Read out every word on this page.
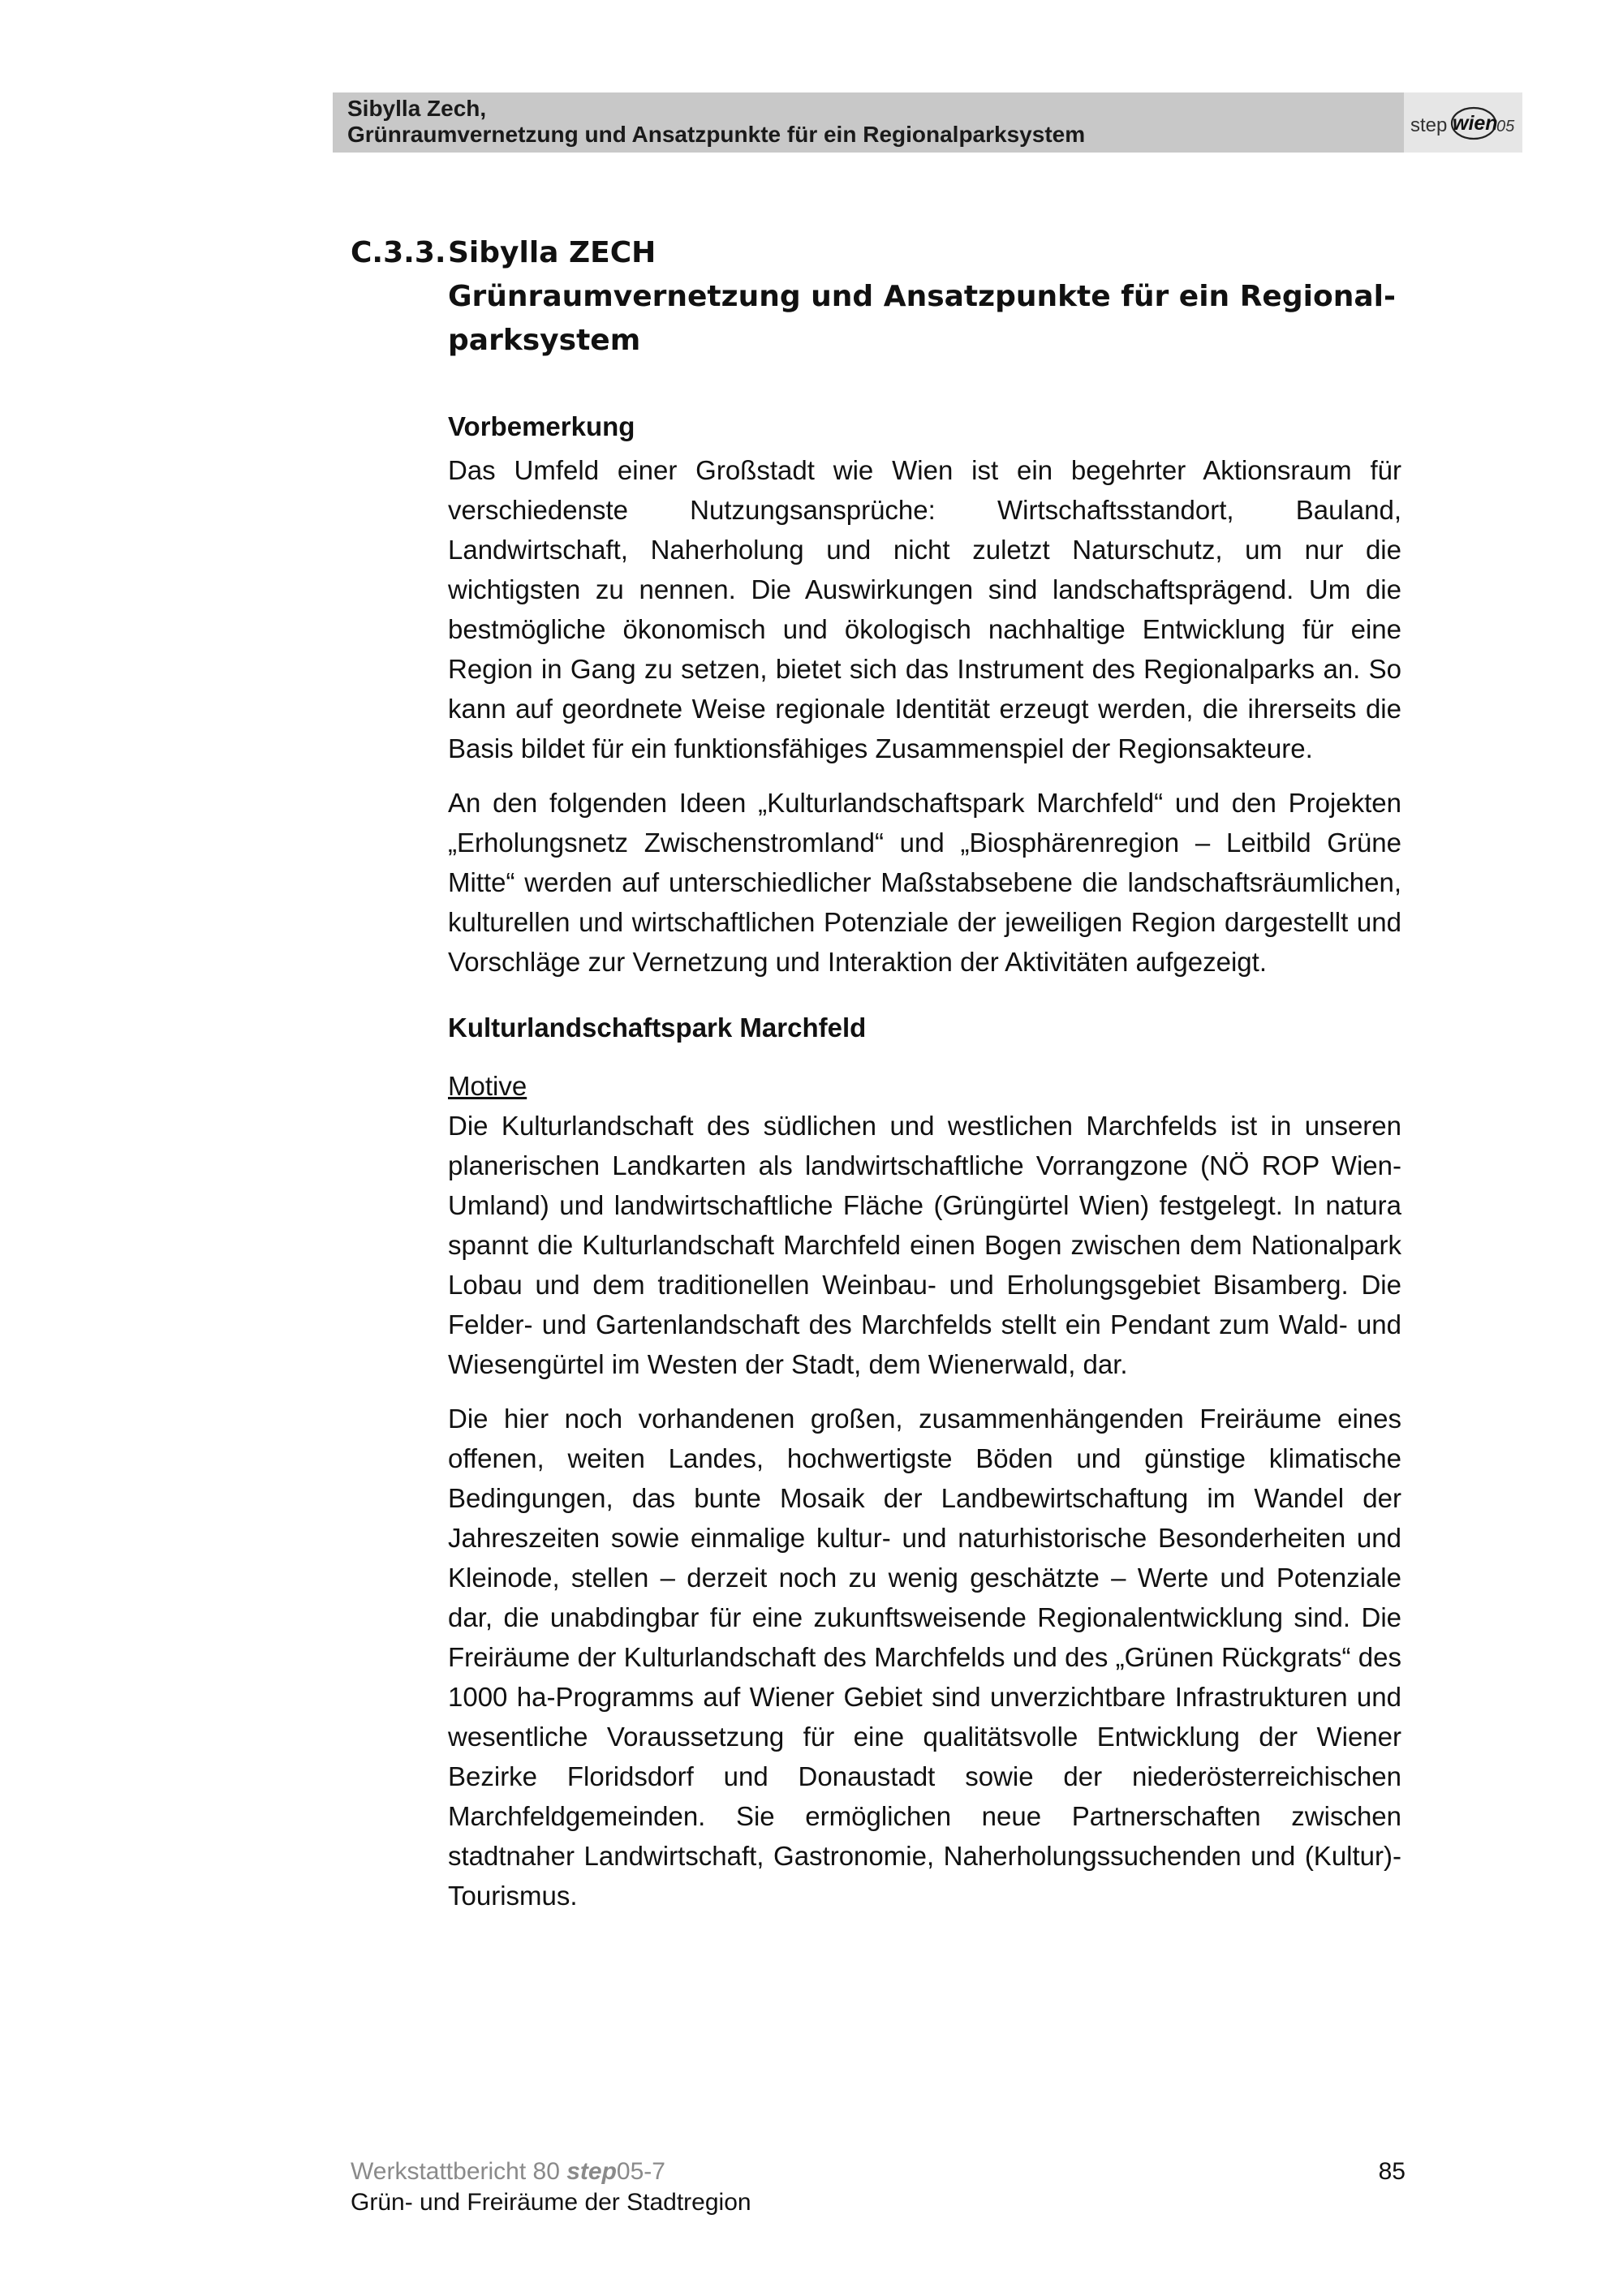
Sibylla Zech,
Grünraumvernetzung und Ansatzpunkte für ein Regionalparksystem	step wien
05
C.3.3. Sibylla ZECH
Grünraumvernetzung und Ansatzpunkte für ein Regional-
parksystem
Vorbemerkung

Das Umfeld einer Großstadt wie Wien ist ein begehrter Aktionsraum für verschiedenste Nutzungsansprüche: Wirtschaftsstandort, Bauland, Landwirtschaft, Naherholung und nicht zuletzt Naturschutz, um nur die wichtigsten zu nennen. Die Auswirkungen sind landschaftsprägend. Um die bestmögliche ökonomisch und ökologisch nachhaltige Entwicklung für eine Region in Gang zu setzen, bietet sich das Instrument des Regionalparks an. So kann auf geordnete Weise regionale Identität erzeugt werden, die ihrerseits die Basis bildet für ein funktionsfähiges Zusammenspiel der Regionsakteure.

An den folgenden Ideen „Kulturlandschaftspark Marchfeld“ und den Projekten „Erholungsnetz Zwischenstromland“ und „Biosphärenregion – Leitbild Grüne Mitte“ werden auf unterschiedlicher Maßstabsebene die landschaftsräumlichen, kulturellen und wirtschaftlichen Potenziale der jeweiligen Region dargestellt und Vorschläge zur Vernetzung und Interaktion der Aktivitäten aufgezeigt.

Kulturlandschaftspark Marchfeld

Motive

Die Kulturlandschaft des südlichen und westlichen Marchfelds ist in unseren planerischen Landkarten als landwirtschaftliche Vorrangzone (NÖ ROP Wien-Umland) und landwirtschaftliche Fläche (Grüngürtel Wien) festgelegt. In natura spannt die Kulturlandschaft Marchfeld einen Bogen zwischen dem Nationalpark Lobau und dem traditionellen Weinbau- und Erholungsgebiet Bisamberg. Die Felder- und Gartenlandschaft des Marchfelds stellt ein Pendant zum Wald- und Wiesengürtel im Westen der Stadt, dem Wienerwald, dar.

Die hier noch vorhandenen großen, zusammenhängenden Freiräume eines offenen, weiten Landes, hochwertigste Böden und günstige klimatische Bedingungen, das bunte Mosaik der Landbewirtschaftung im Wandel der Jahreszeiten sowie einmalige kultur- und naturhistorische Besonderheiten und Kleinode, stellen – derzeit noch zu wenig geschätzte – Werte und Potenziale dar, die unabdingbar für eine zukunftsweisende Regionalentwicklung sind. Die Freiräume der Kulturlandschaft des Marchfelds und des „Grünen Rückgrats“ des 1000 ha-Programms auf Wiener Gebiet sind unverzichtbare Infrastrukturen und wesentliche Voraussetzung für eine qualitätsvolle Entwicklung der Wiener Bezirke Floridsdorf und Donaustadt sowie der niederösterreichischen Marchfeldgemeinden. Sie ermöglichen neue Partnerschaften zwischen stadtnaher Landwirtschaft, Gastronomie, Naherholungssuchenden und (Kultur)-Tourismus.

Werkstattbericht 80 step05-7
Grün- und Freiräume der Stadtregion
85
